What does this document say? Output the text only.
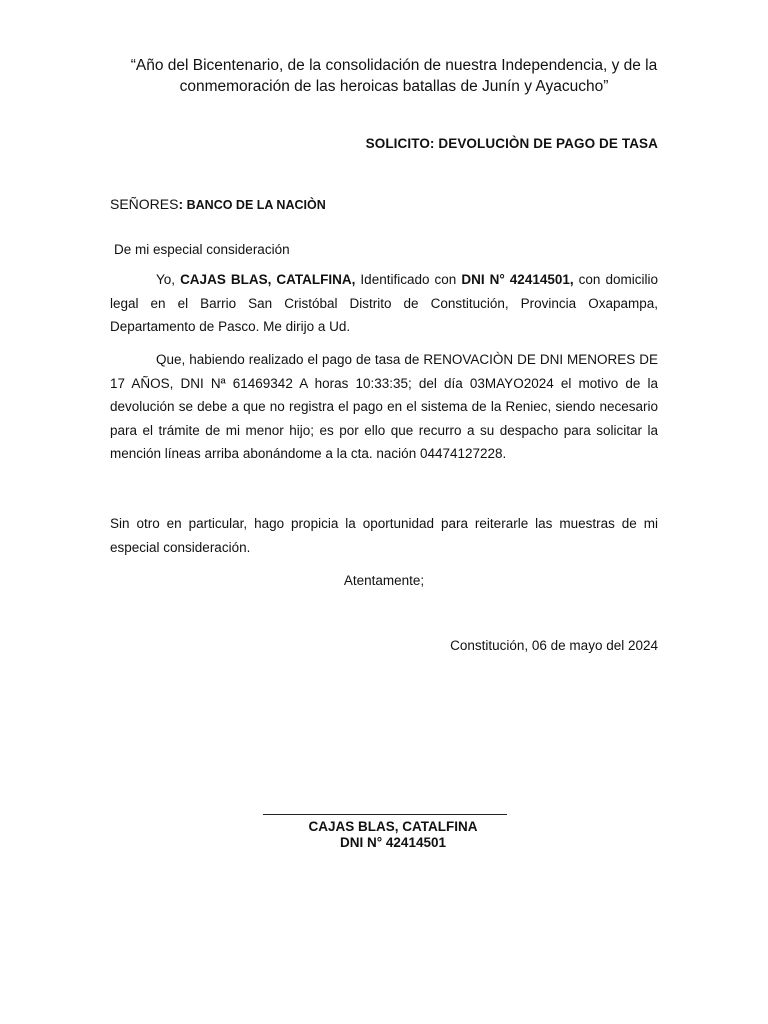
“Año del Bicentenario, de la consolidación de nuestra Independencia, y de la conmemoración de las heroicas batallas de Junín y Ayacucho”
SOLICITO: DEVOLUCIÒN DE PAGO DE TASA
SEÑORES: BANCO DE LA NACIÒN
De mi especial consideración
Yo, CAJAS BLAS, CATALFINA, Identificado con DNI N° 42414501, con domicilio legal en el Barrio San Cristóbal Distrito de Constitución, Provincia Oxapampa, Departamento de Pasco. Me dirijo a Ud.
Que, habiendo realizado el pago de tasa de RENOVACIÒN DE DNI MENORES DE 17 AÑOS, DNI Nª 61469342 A horas 10:33:35; del día 03MAYO2024 el motivo de la devolución se debe a que no registra el pago en el sistema de la Reniec, siendo necesario para el trámite de mi menor hijo; es por ello que recurro a su despacho para solicitar la mención líneas arriba abonándome a la cta. nación 04474127228.
Sin otro en particular, hago propicia la oportunidad para reiterarle las muestras de mi especial consideración.
Atentamente;
Constitución, 06 de mayo del 2024
CAJAS BLAS, CATALFINA
DNI N° 42414501
